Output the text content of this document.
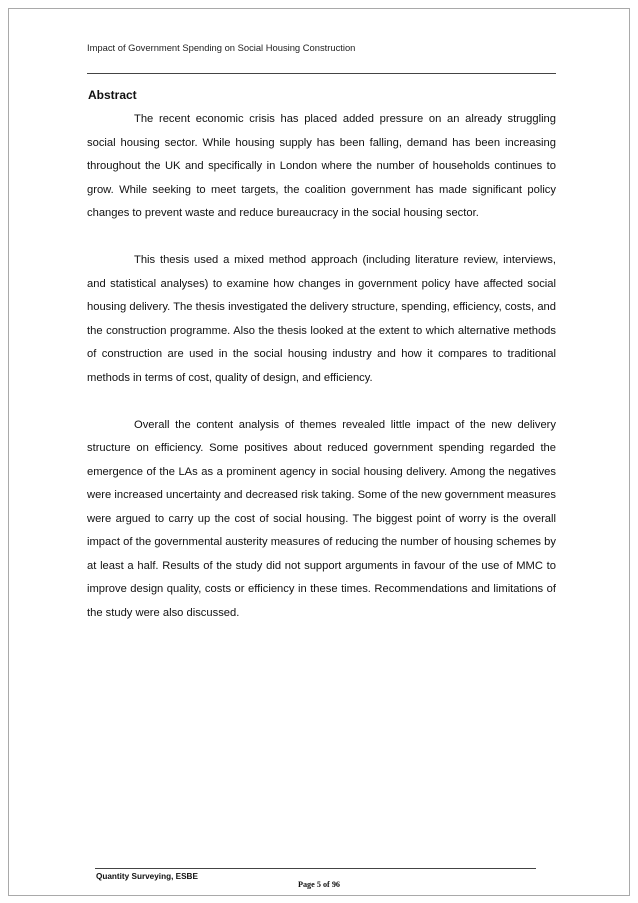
Impact of Government Spending on Social Housing Construction
Abstract

The recent economic crisis has placed added pressure on an already struggling social housing sector. While housing supply has been falling, demand has been increasing throughout the UK and specifically in London where the number of households continues to grow. While seeking to meet targets, the coalition government has made significant policy changes to prevent waste and reduce bureaucracy in the social housing sector.

This thesis used a mixed method approach (including literature review, interviews, and statistical analyses) to examine how changes in government policy have affected social housing delivery. The thesis investigated the delivery structure, spending, efficiency, costs, and the construction programme. Also the thesis looked at the extent to which alternative methods of construction are used in the social housing industry and how it compares to traditional methods in terms of cost, quality of design, and efficiency.

Overall the content analysis of themes revealed little impact of the new delivery structure on efficiency. Some positives about reduced government spending regarded the emergence of the LAs as a prominent agency in social housing delivery. Among the negatives were increased uncertainty and decreased risk taking. Some of the new government measures were argued to carry up the cost of social housing. The biggest point of worry is the overall impact of the governmental austerity measures of reducing the number of housing schemes by at least a half. Results of the study did not support arguments in favour of the use of MMC to improve design quality, costs or efficiency in these times. Recommendations and limitations of the study were also discussed.

Quantity Surveying, ESBE
Page 5 of 96
